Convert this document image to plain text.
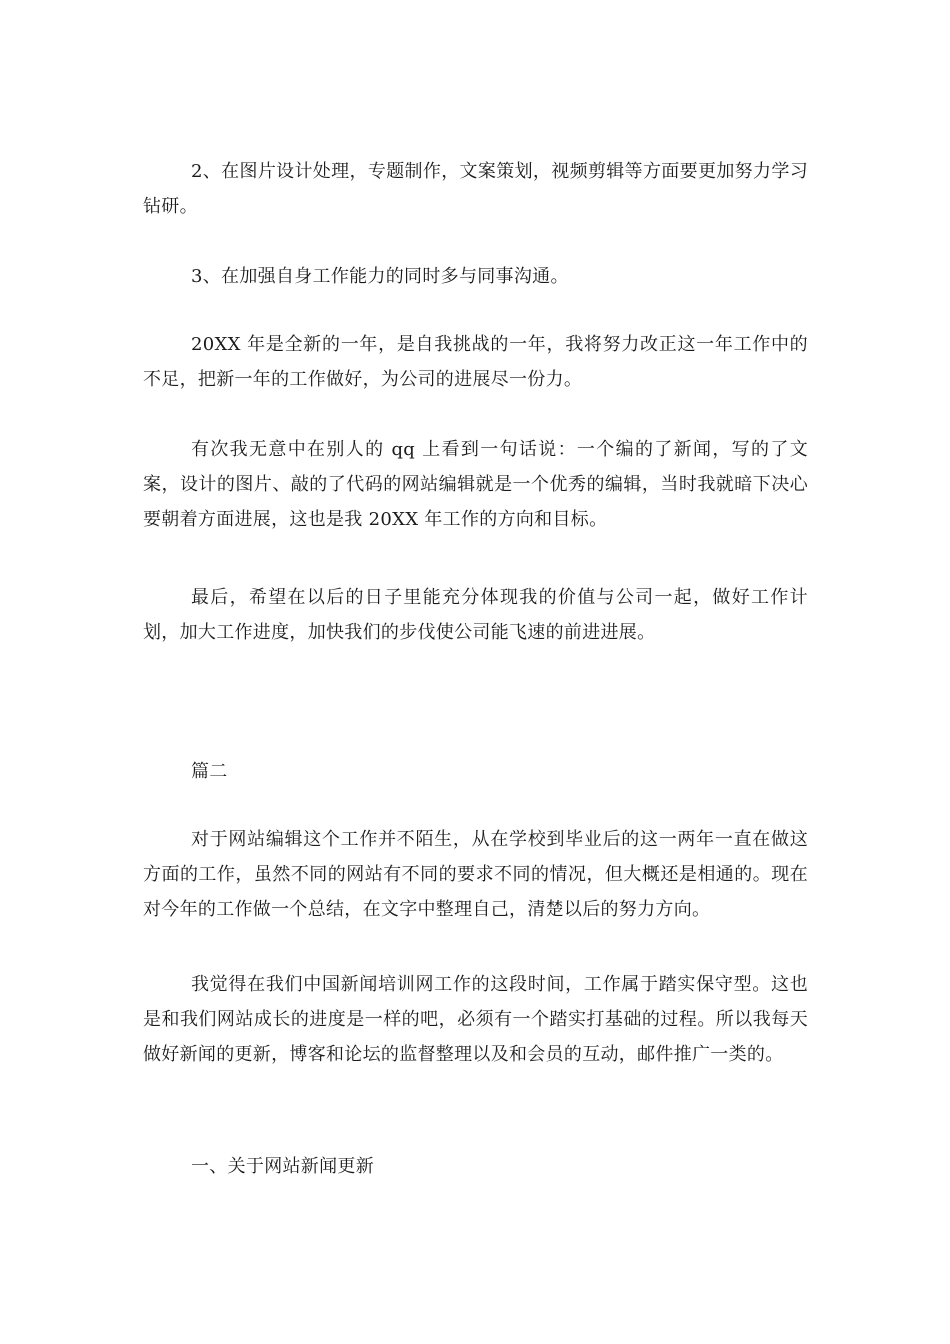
2、在图片设计处理，专题制作，文案策划，视频剪辑等方面要更加努力学习钻研。

3、在加强自身工作能力的同时多与同事沟通。

20XX 年是全新的一年，是自我挑战的一年，我将努力改正这一年工作中的不足，把新一年的工作做好，为公司的进展尽一份力。

有次我无意中在别人的 qq 上看到一句话说：一个编的了新闻，写的了文案，设计的图片、敲的了代码的网站编辑就是一个优秀的编辑，当时我就暗下决心要朝着方面进展，这也是我 20XX 年工作的方向和目标。

最后，希望在以后的日子里能充分体现我的价值与公司一起，做好工作计划，加大工作进度，加快我们的步伐使公司能飞速的前进进展。

篇二

对于网站编辑这个工作并不陌生，从在学校到毕业后的这一两年一直在做这方面的工作，虽然不同的网站有不同的要求不同的情况，但大概还是相通的。现在对今年的工作做一个总结，在文字中整理自己，清楚以后的努力方向。

我觉得在我们中国新闻培训网工作的这段时间，工作属于踏实保守型。这也是和我们网站成长的进度是一样的吧，必须有一个踏实打基础的过程。所以我每天做好新闻的更新，博客和论坛的监督整理以及和会员的互动，邮件推广一类的。

一、关于网站新闻更新
